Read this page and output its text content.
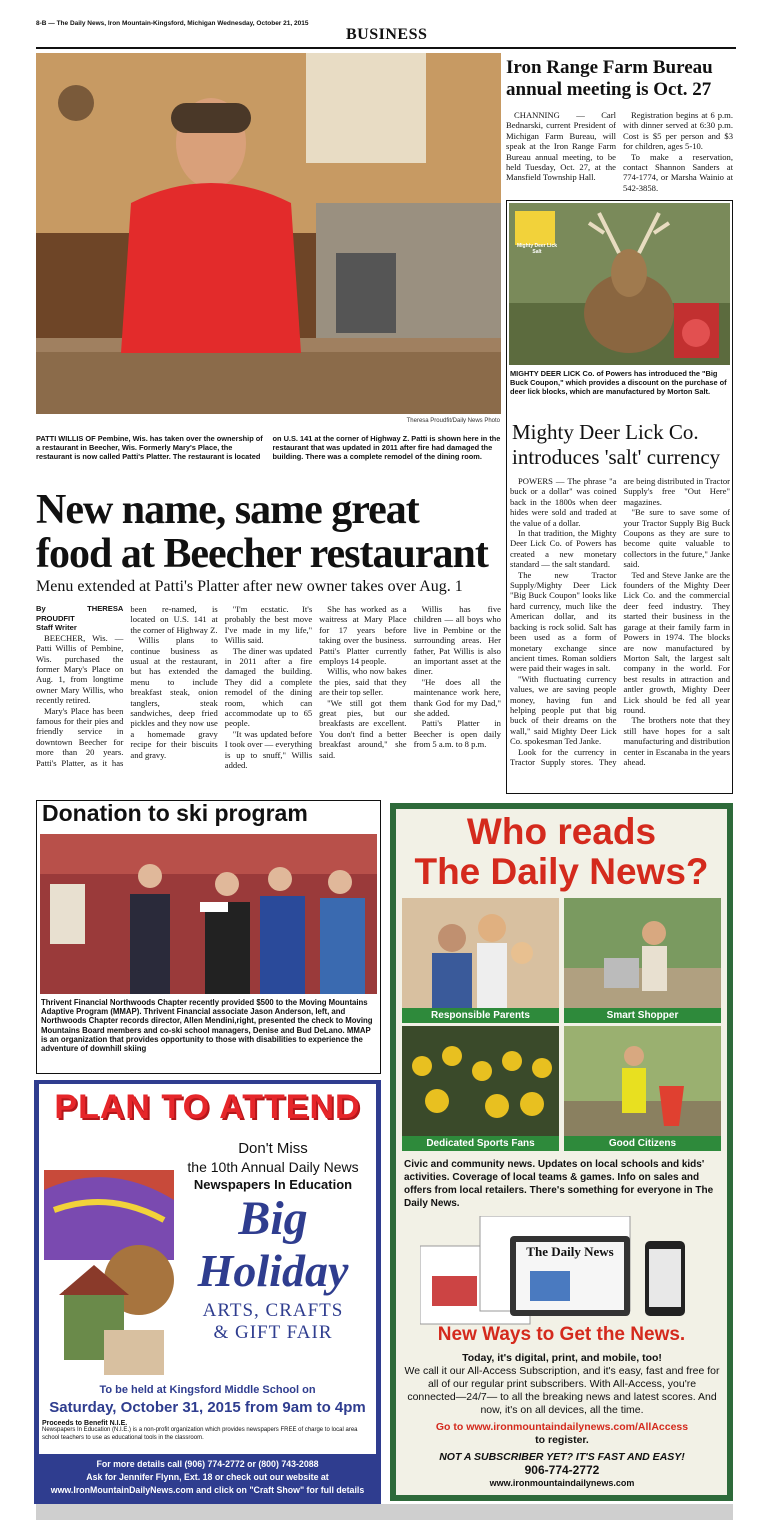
8-B — The Daily News, Iron Mountain-Kingsford, Michigan Wednesday, October 21, 2015
BUSINESS
Theresa Proudfit/Daily News Photo
PATTI WILLIS OF Pembine, Wis. has taken over the ownership of a restaurant in Beecher, Wis. Formerly Mary's Place, the restaurant is now called Patti's Platter. The restaurant is located on U.S. 141 at the corner of Highway Z. Patti is shown here in the restaurant that was updated in 2011 after fire had damaged the building. There was a complete remodel of the dining room.
New name, same great
food at Beecher restaurant
Menu extended at Patti's Platter after new owner takes over Aug. 1
By THERESA PROUDFIT
Staff Writer

BEECHER, Wis. — Patti Willis of Pembine, Wis. purchased the former Mary's Place on Aug. 1, from longtime owner Mary Willis, who recently retired.

Mary's Place has been famous for their pies and friendly service in downtown Beecher for more than 20 years. Patti's Platter, as it has been re-named, is located on U.S. 141 at the corner of Highway Z.

Willis plans to continue business as usual at the restaurant, but has extended the menu to include breakfast steak, onion tanglers, steak sandwiches, deep fried pickles and they now use a homemade gravy recipe for their biscuits and gravy.

"I'm ecstatic. It's probably the best move I've made in my life," Willis said.

The diner was updated in 2011 after a fire damaged the building. They did a complete remodel of the dining room, which can accommodate up to 65 people.

"It was updated before I took over — everything is up to snuff," Willis added.

She has worked as a waitress at Mary Place for 17 years before taking over the business. Patti's Platter currently employs 14 people.

Willis, who now bakes the pies, said that they are their top seller.

"We still got them great pies, but our breakfasts are excellent. You don't find a better breakfast around," she said.

Willis has five children — all boys who live in Pembine or the surrounding areas. Her father, Pat Willis is also an important asset at the diner.

"He does all the maintenance work here, thank God for my Dad," she added.

Patti's Platter in Beecher is open daily from 5 a.m. to 8 p.m.

Iron Range Farm Bureau annual meeting is Oct. 27

CHANNING — Carl Bednarski, current President of Michigan Farm Bureau, will speak at the Iron Range Farm Bureau annual meeting, to be held Tuesday, Oct. 27, at the Mansfield Township Hall.

Registration begins at 6 p.m. with dinner served at 6:30 p.m. Cost is $5 per person and $3 for children, ages 5-10.

To make a reservation, contact Shannon Sanders at 774-1774, or Marsha Wainio at 542-3858.

Mighty Deer Lick Salt
MIGHTY DEER LICK Co. of Powers has introduced the "Big Buck Coupon," which provides a discount on the purchase of deer lick blocks, which are manufactured by Morton Salt.
Mighty Deer Lick Co. introduces 'salt' currency

POWERS — The phrase "a buck or a dollar" was coined back in the 1800s when deer hides were sold and traded at the value of a dollar.

In that tradition, the Mighty Deer Lick Co. of Powers has created a new monetary standard — the salt standard.

The new Tractor Supply/Mighty Deer Lick "Big Buck Coupon" looks like hard currency, much like the American dollar, and its backing is rock solid. Salt has been used as a form of monetary exchange since ancient times. Roman soldiers were paid their wages in salt.

"With fluctuating currency values, we are saving people money, having fun and helping people put that big buck of their dreams on the wall," said Mighty Deer Lick Co. spokesman Ted Janke.

Look for the currency in Tractor Supply stores. They are being distributed in Tractor Supply's free "Out Here" magazines.

"Be sure to save some of your Tractor Supply Big Buck Coupons as they are sure to become quite valuable to collectors in the future," Janke said.

Ted and Steve Janke are the founders of the Mighty Deer Lick Co. and the commercial deer feed industry. They started their business in the garage at their family farm in Powers in 1974. The blocks are now manufactured by Morton Salt, the largest salt company in the world. For best results in attraction and antler growth, Mighty Deer Lick should be fed all year round.

The brothers note that they still have hopes for a salt manufacturing and distribution center in Escanaba in the years ahead.

Donation to ski program
Thrivent Financial Northwoods Chapter recently provided $500 to the Moving Mountains Adaptive Program (MMAP). Thrivent Financial associate Jason Anderson, left, and Northwoods Chapter records director, Allen Mendini,right, presented the check to Moving Mountains Board members and co-ski school managers, Denise and Bud DeLano. MMAP is an organization that provides opportunity to those with disabilities to experience the adventure of downhill skiing
PLAN TO ATTEND
Don't Miss
the 10th Annual Daily News
Newspapers In Education
Big
Holiday
ARTS, CRAFTS
& GIFT FAIR
To be held at Kingsford Middle School on
Saturday, October 31, 2015 from 9am to 4pm
Proceeds to Benefit N.I.E.
Newspapers In Education (N.I.E.) is a non-profit organization which provides newspapers FREE of charge to local area school teachers to use as educational tools in the classroom.
For more details call (906) 774-2772 or (800) 743-2088
Ask for Jennifer Flynn, Ext. 18 or check out our website at
www.IronMountainDailyNews.com and click on "Craft Show" for full details
Who reads
The Daily News?
Responsible Parents	Smart Shopper
Dedicated Sports Fans	Good Citizens
Civic and community news. Updates on local schools and kids' activities. Coverage of local teams & games. Info on sales and offers from local retailers. There's something for everyone in The Daily News.
The Daily News
New Ways to Get the News.
Today, it's digital, print, and mobile, too!
We call it our All-Access Subscription, and it's easy, fast and free for all of our regular print subscribers. With All-Access, you're connected—24/7— to all the breaking news and latest scores. And now, it's on all devices, all the time.
Go to www.ironmountaindailynews.com/AllAccess
to register.
NOT A SUBSCRIBER YET? IT'S FAST AND EASY!
906-774-2772
www.ironmountaindailynews.com
